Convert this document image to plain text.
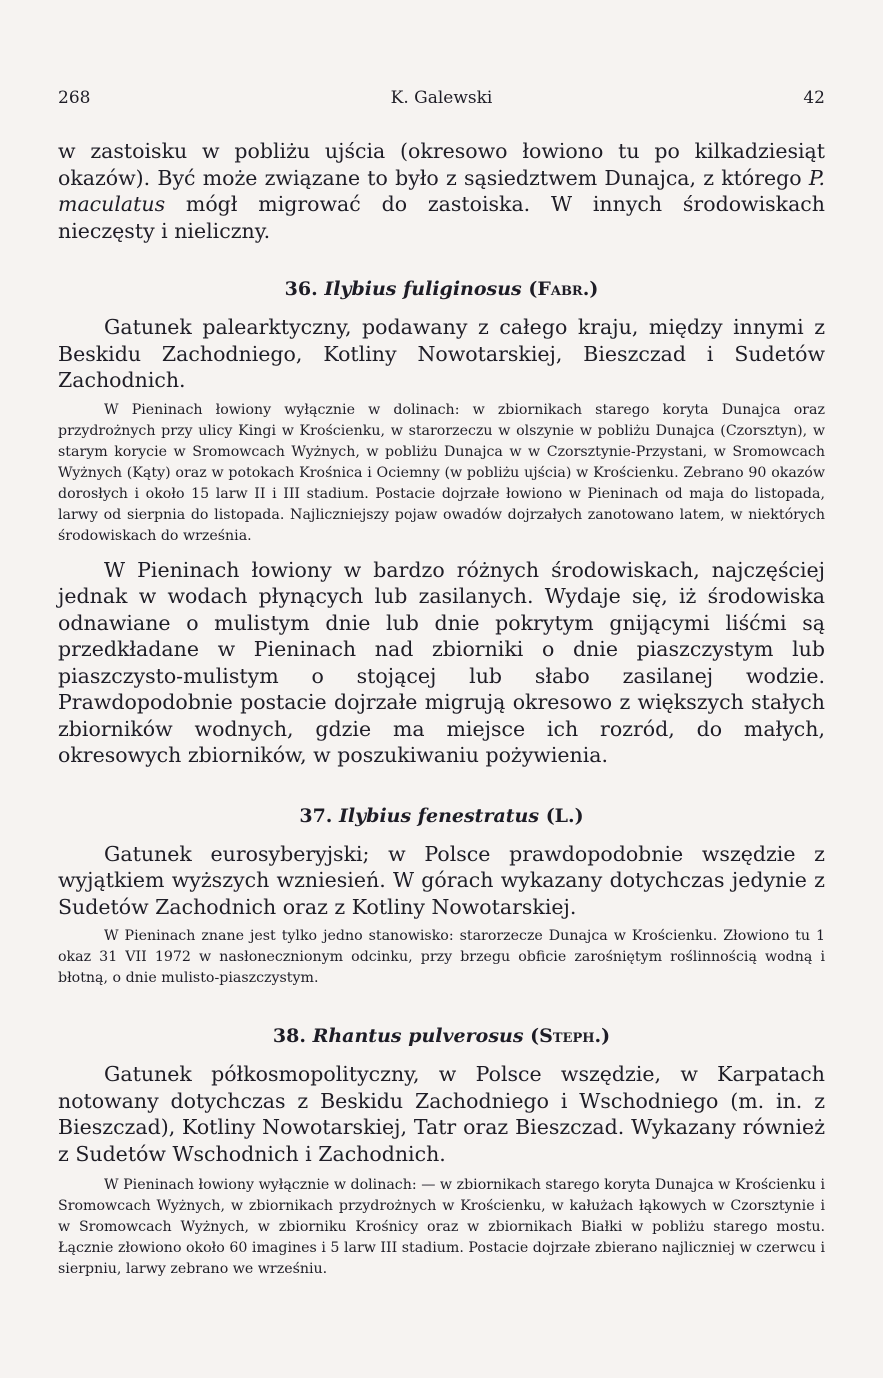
268	K. Galewski	42

w zastoisku w pobliżu ujścia (okresowo łowiono tu po kilkadziesiąt okazów). Być może związane to było z sąsiedztwem Dunajca, z którego P. maculatus mógł migrować do zastoiska. W innych środowiskach nieczęsty i nieliczny.

36. Ilybius fuliginosus (Fabr.)

Gatunek palearktyczny, podawany z całego kraju, między innymi z Beskidu Zachodniego, Kotliny Nowotarskiej, Bieszczad i Sudetów Zachodnich.

W Pieninach łowiony wyłącznie w dolinach: w zbiornikach starego koryta Dunajca oraz przydrożnych przy ulicy Kingi w Krościenku, w starorzeczu w olszynie w pobliżu Dunajca (Czorsztyn), w starym korycie w Sromowcach Wyżnych, w pobliżu Dunajca w w Czorsztynie-Przystani, w Sromowcach Wyżnych (Kąty) oraz w potokach Krośnica i Ociemny (w pobliżu ujścia) w Krościenku. Zebrano 90 okazów dorosłych i około 15 larw II i III stadium. Postacie dojrzałe łowiono w Pieninach od maja do listopada, larwy od sierpnia do listopada. Najliczniejszy pojaw owadów dojrzałych zanotowano latem, w niektórych środowiskach do września.

W Pieninach łowiony w bardzo różnych środowiskach, najczęściej jednak w wodach płynących lub zasilanych. Wydaje się, iż środowiska odnawiane o mulistym dnie lub dnie pokrytym gnijącymi liśćmi są przedkładane w Pieninach nad zbiorniki o dnie piaszczystym lub piaszczysto-mulistym o stojącej lub słabo zasilanej wodzie. Prawdopodobnie postacie dojrzałe migrują okresowo z większych stałych zbiorników wodnych, gdzie ma miejsce ich rozród, do małych, okresowych zbiorników, w poszukiwaniu pożywienia.

37. Ilybius fenestratus (L.)

Gatunek eurosyberyjski; w Polsce prawdopodobnie wszędzie z wyjątkiem wyższych wzniesień. W górach wykazany dotychczas jedynie z Sudetów Zachodnich oraz z Kotliny Nowotarskiej.

W Pieninach znane jest tylko jedno stanowisko: starorzecze Dunajca w Krościenku. Złowiono tu 1 okaz 31 VII 1972 w nasłonecznionym odcinku, przy brzegu obficie zarośniętym roślinnością wodną i błotną, o dnie mulisto-piaszczystym.

38. Rhantus pulverosus (Steph.)

Gatunek półkosmopolityczny, w Polsce wszędzie, w Karpatach notowany dotychczas z Beskidu Zachodniego i Wschodniego (m. in. z Bieszczad), Kotliny Nowotarskiej, Tatr oraz Bieszczad. Wykazany również z Sudetów Wschodnich i Zachodnich.

W Pieninach łowiony wyłącznie w dolinach: — w zbiornikach starego koryta Dunajca w Krościenku i Sromowcach Wyżnych, w zbiornikach przydrożnych w Krościenku, w kałużach łąkowych w Czorsztynie i w Sromowcach Wyżnych, w zbiorniku Krośnicy oraz w zbiornikach Białki w pobliżu starego mostu. Łącznie złowiono około 60 imagines i 5 larw III stadium. Postacie dojrzałe zbierano najliczniej w czerwcu i sierpniu, larwy zebrano we wrześniu.
